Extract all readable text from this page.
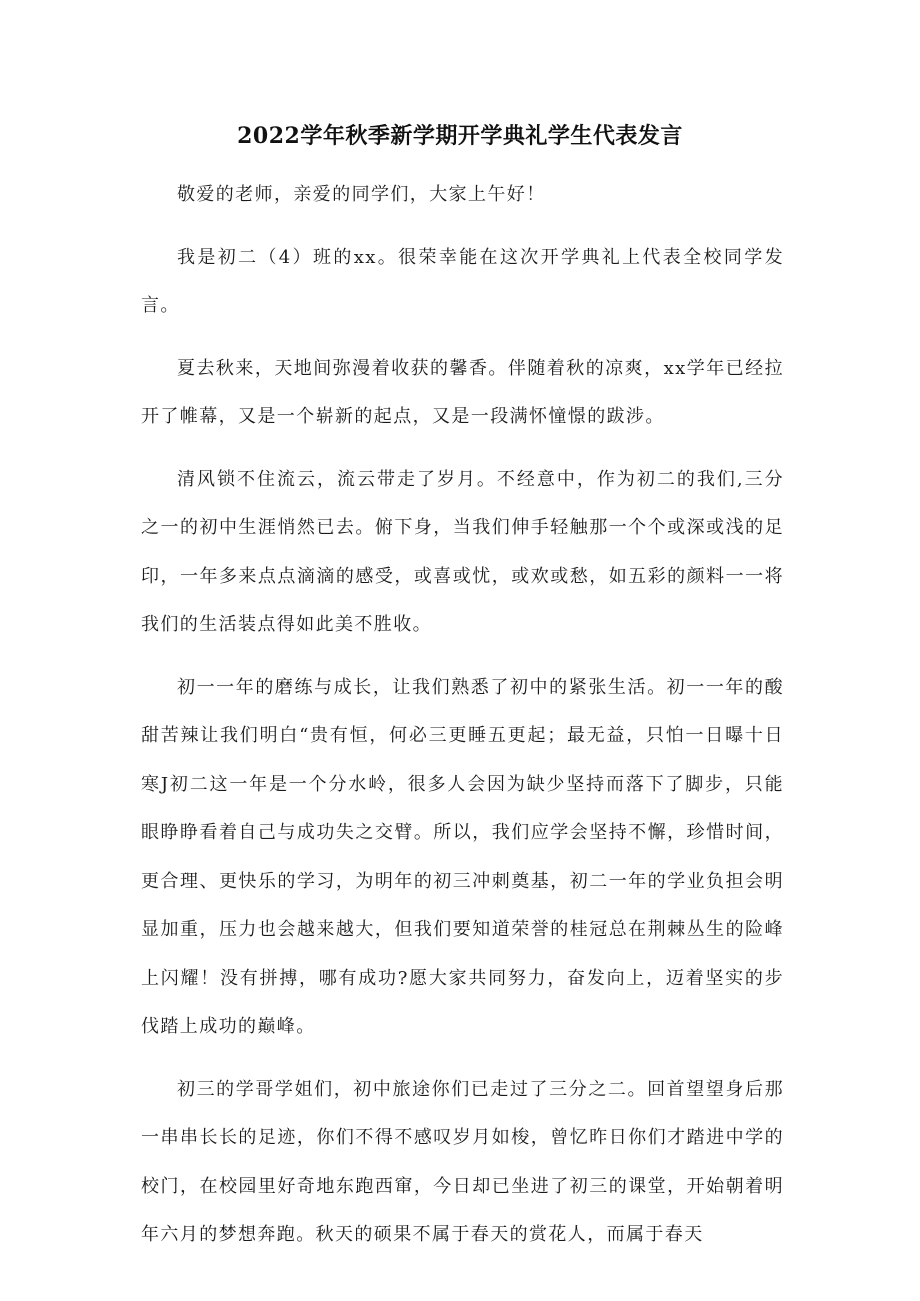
2022学年秋季新学期开学典礼学生代表发言

敬爱的老师，亲爱的同学们，大家上午好！

我是初二（4）班的xx。很荣幸能在这次开学典礼上代表全校同学发言。

夏去秋来，天地间弥漫着收获的馨香。伴随着秋的凉爽，xx学年已经拉开了帷幕，又是一个崭新的起点，又是一段满怀憧憬的跋涉。

清风锁不住流云，流云带走了岁月。不经意中，作为初二的我们,三分之一的初中生涯悄然已去。俯下身，当我们伸手轻触那一个个或深或浅的足印，一年多来点点滴滴的感受，或喜或忧，或欢或愁，如五彩的颜料一一将我们的生活装点得如此美不胜收。

初一一年的磨练与成长，让我们熟悉了初中的紧张生活。初一一年的酸甜苦辣让我们明白“贵有恒，何必三更睡五更起；最无益，只怕一日曝十日寒J初二这一年是一个分水岭，很多人会因为缺少坚持而落下了脚步，只能眼睁睁看着自己与成功失之交臂。所以，我们应学会坚持不懈，珍惜时间，更合理、更快乐的学习，为明年的初三冲刺奠基，初二一年的学业负担会明显加重，压力也会越来越大，但我们要知道荣誉的桂冠总在荆棘丛生的险峰上闪耀！没有拼搏，哪有成功?愿大家共同努力，奋发向上，迈着坚实的步伐踏上成功的巅峰。

初三的学哥学姐们，初中旅途你们已走过了三分之二。回首望望身后那一串串长长的足迹，你们不得不感叹岁月如梭，曾忆昨日你们才踏进中学的校门，在校园里好奇地东跑西窜，今日却已坐进了初三的课堂，开始朝着明年六月的梦想奔跑。秋天的硕果不属于春天的赏花人，而属于春天
